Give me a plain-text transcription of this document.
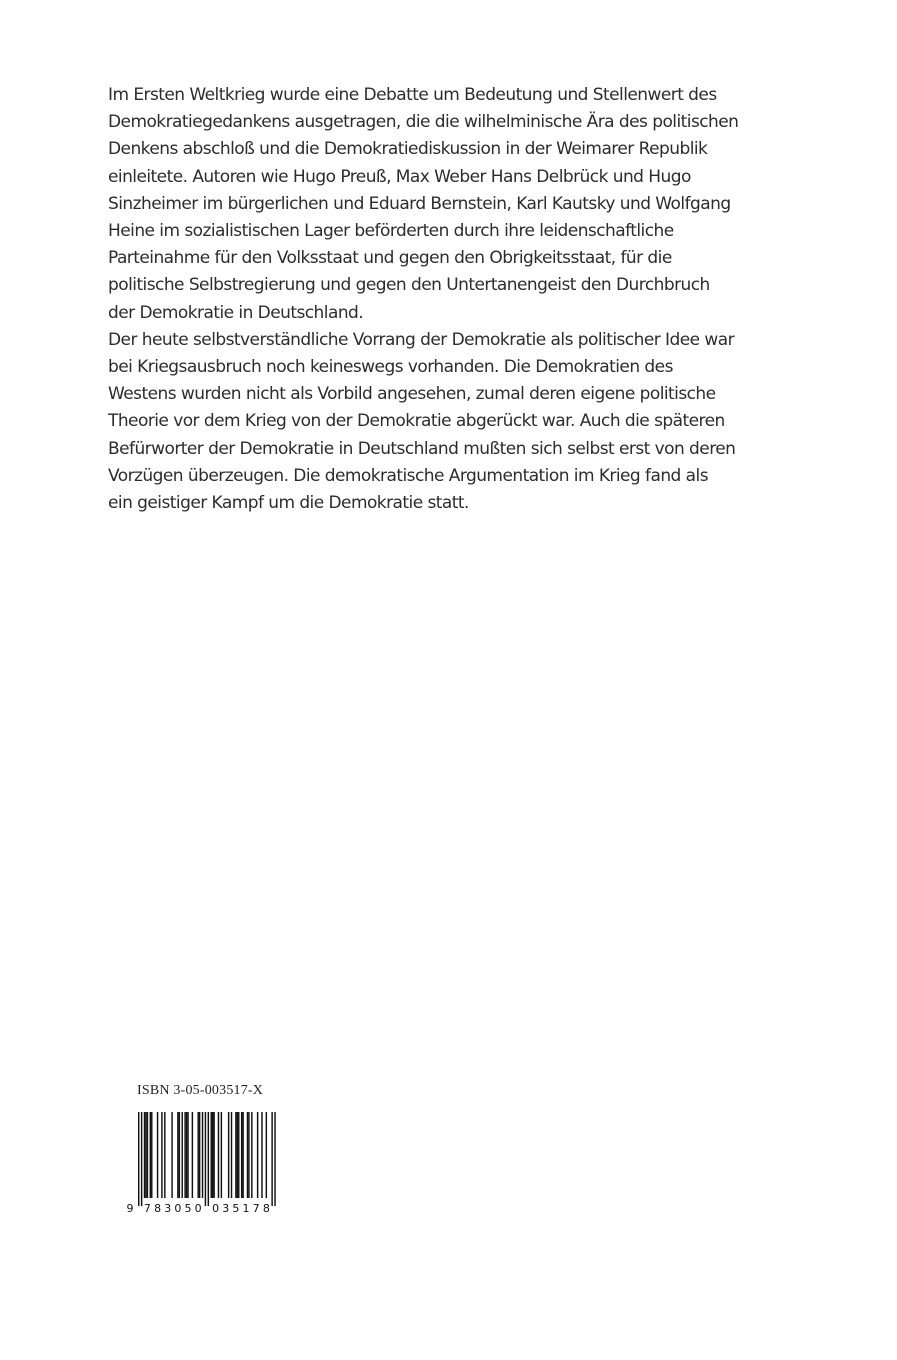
Im Ersten Weltkrieg wurde eine Debatte um Bedeutung und Stellenwert des
Demokratiegedankens ausgetragen, die die wilhelminische Ära des politischen
Denkens abschloß und die Demokratiediskussion in der Weimarer Republik
einleitete. Autoren wie Hugo Preuß, Max Weber Hans Delbrück und Hugo
Sinzheimer im bürgerlichen und Eduard Bernstein, Karl Kautsky und Wolfgang
Heine im sozialistischen Lager beförderten durch ihre leidenschaftliche
Parteinahme für den Volksstaat und gegen den Obrigkeitsstaat, für die
politische Selbstregierung und gegen den Untertanengeist den Durchbruch
der Demokratie in Deutschland.

Der heute selbstverständliche Vorrang der Demokratie als politischer Idee war
bei Kriegsausbruch noch keineswegs vorhanden. Die Demokratien des
Westens wurden nicht als Vorbild angesehen, zumal deren eigene politische
Theorie vor dem Krieg von der Demokratie abgerückt war. Auch die späteren
Befürworter der Demokratie in Deutschland mußten sich selbst erst von deren
Vorzügen überzeugen. Die demokratische Argumentation im Krieg fand als
ein geistiger Kampf um die Demokratie statt.

ISBN 3-05-003517-X
9 7 8 3 0 5 0 0 3 5 1 7 8
